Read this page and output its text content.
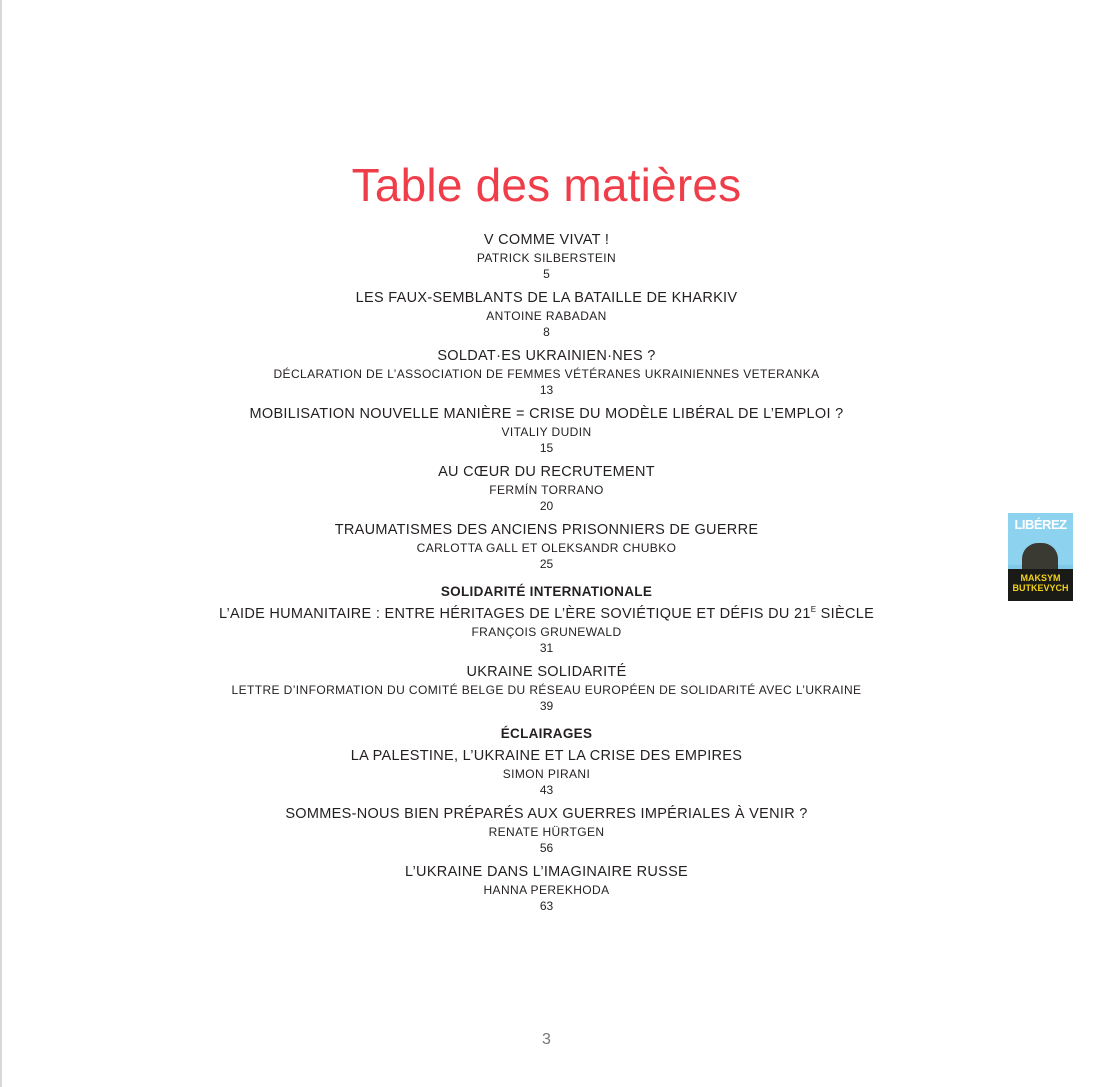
Table des matières
V COMME VIVAT !
PATRICK SILBERSTEIN
5
LES FAUX-SEMBLANTS DE LA BATAILLE DE KHARKIV
ANTOINE RABADAN
8
SOLDAT·ES UKRAINIEN·NES ?
DÉCLARATION DE L’ASSOCIATION DE FEMMES VÉTÉRANES UKRAINIENNES VETERANKA
13
MOBILISATION NOUVELLE MANIÈRE = CRISE DU MODÈLE LIBÉRAL DE L’EMPLOI ?
VITALIY DUDIN
15
AU CŒUR DU RECRUTEMENT
FERMÍN TORRANO
20
TRAUMATISMES DES ANCIENS PRISONNIERS DE GUERRE
CARLOTTA GALL ET OLEKSANDR CHUBKO
25
SOLIDARITÉ INTERNATIONALE
L’AIDE HUMANITAIRE : ENTRE HÉRITAGES DE L’ÈRE SOVIÉTIQUE ET DÉFIS DU $21^E$ SIÈCLE
FRANÇOIS GRUNEWALD
31
UKRAINE SOLIDARITÉ
LETTRE D’INFORMATION DU COMITÉ BELGE DU RÉSEAU EUROPÉEN DE SOLIDARITÉ AVEC L’UKRAINE
39
ÉCLAIRAGES
LA PALESTINE, L’UKRAINE ET LA CRISE DES EMPIRES
SIMON PIRANI
43
SOMMES-NOUS BIEN PRÉPARÉS AUX GUERRES IMPÉRIALES À VENIR ?
RENATE HÜRTGEN
56
L’UKRAINE DANS L’IMAGINAIRE RUSSE
HANNA PEREKHODA
63
LIBÉREZ
MAKSYM
BUTKEVYCH
3
